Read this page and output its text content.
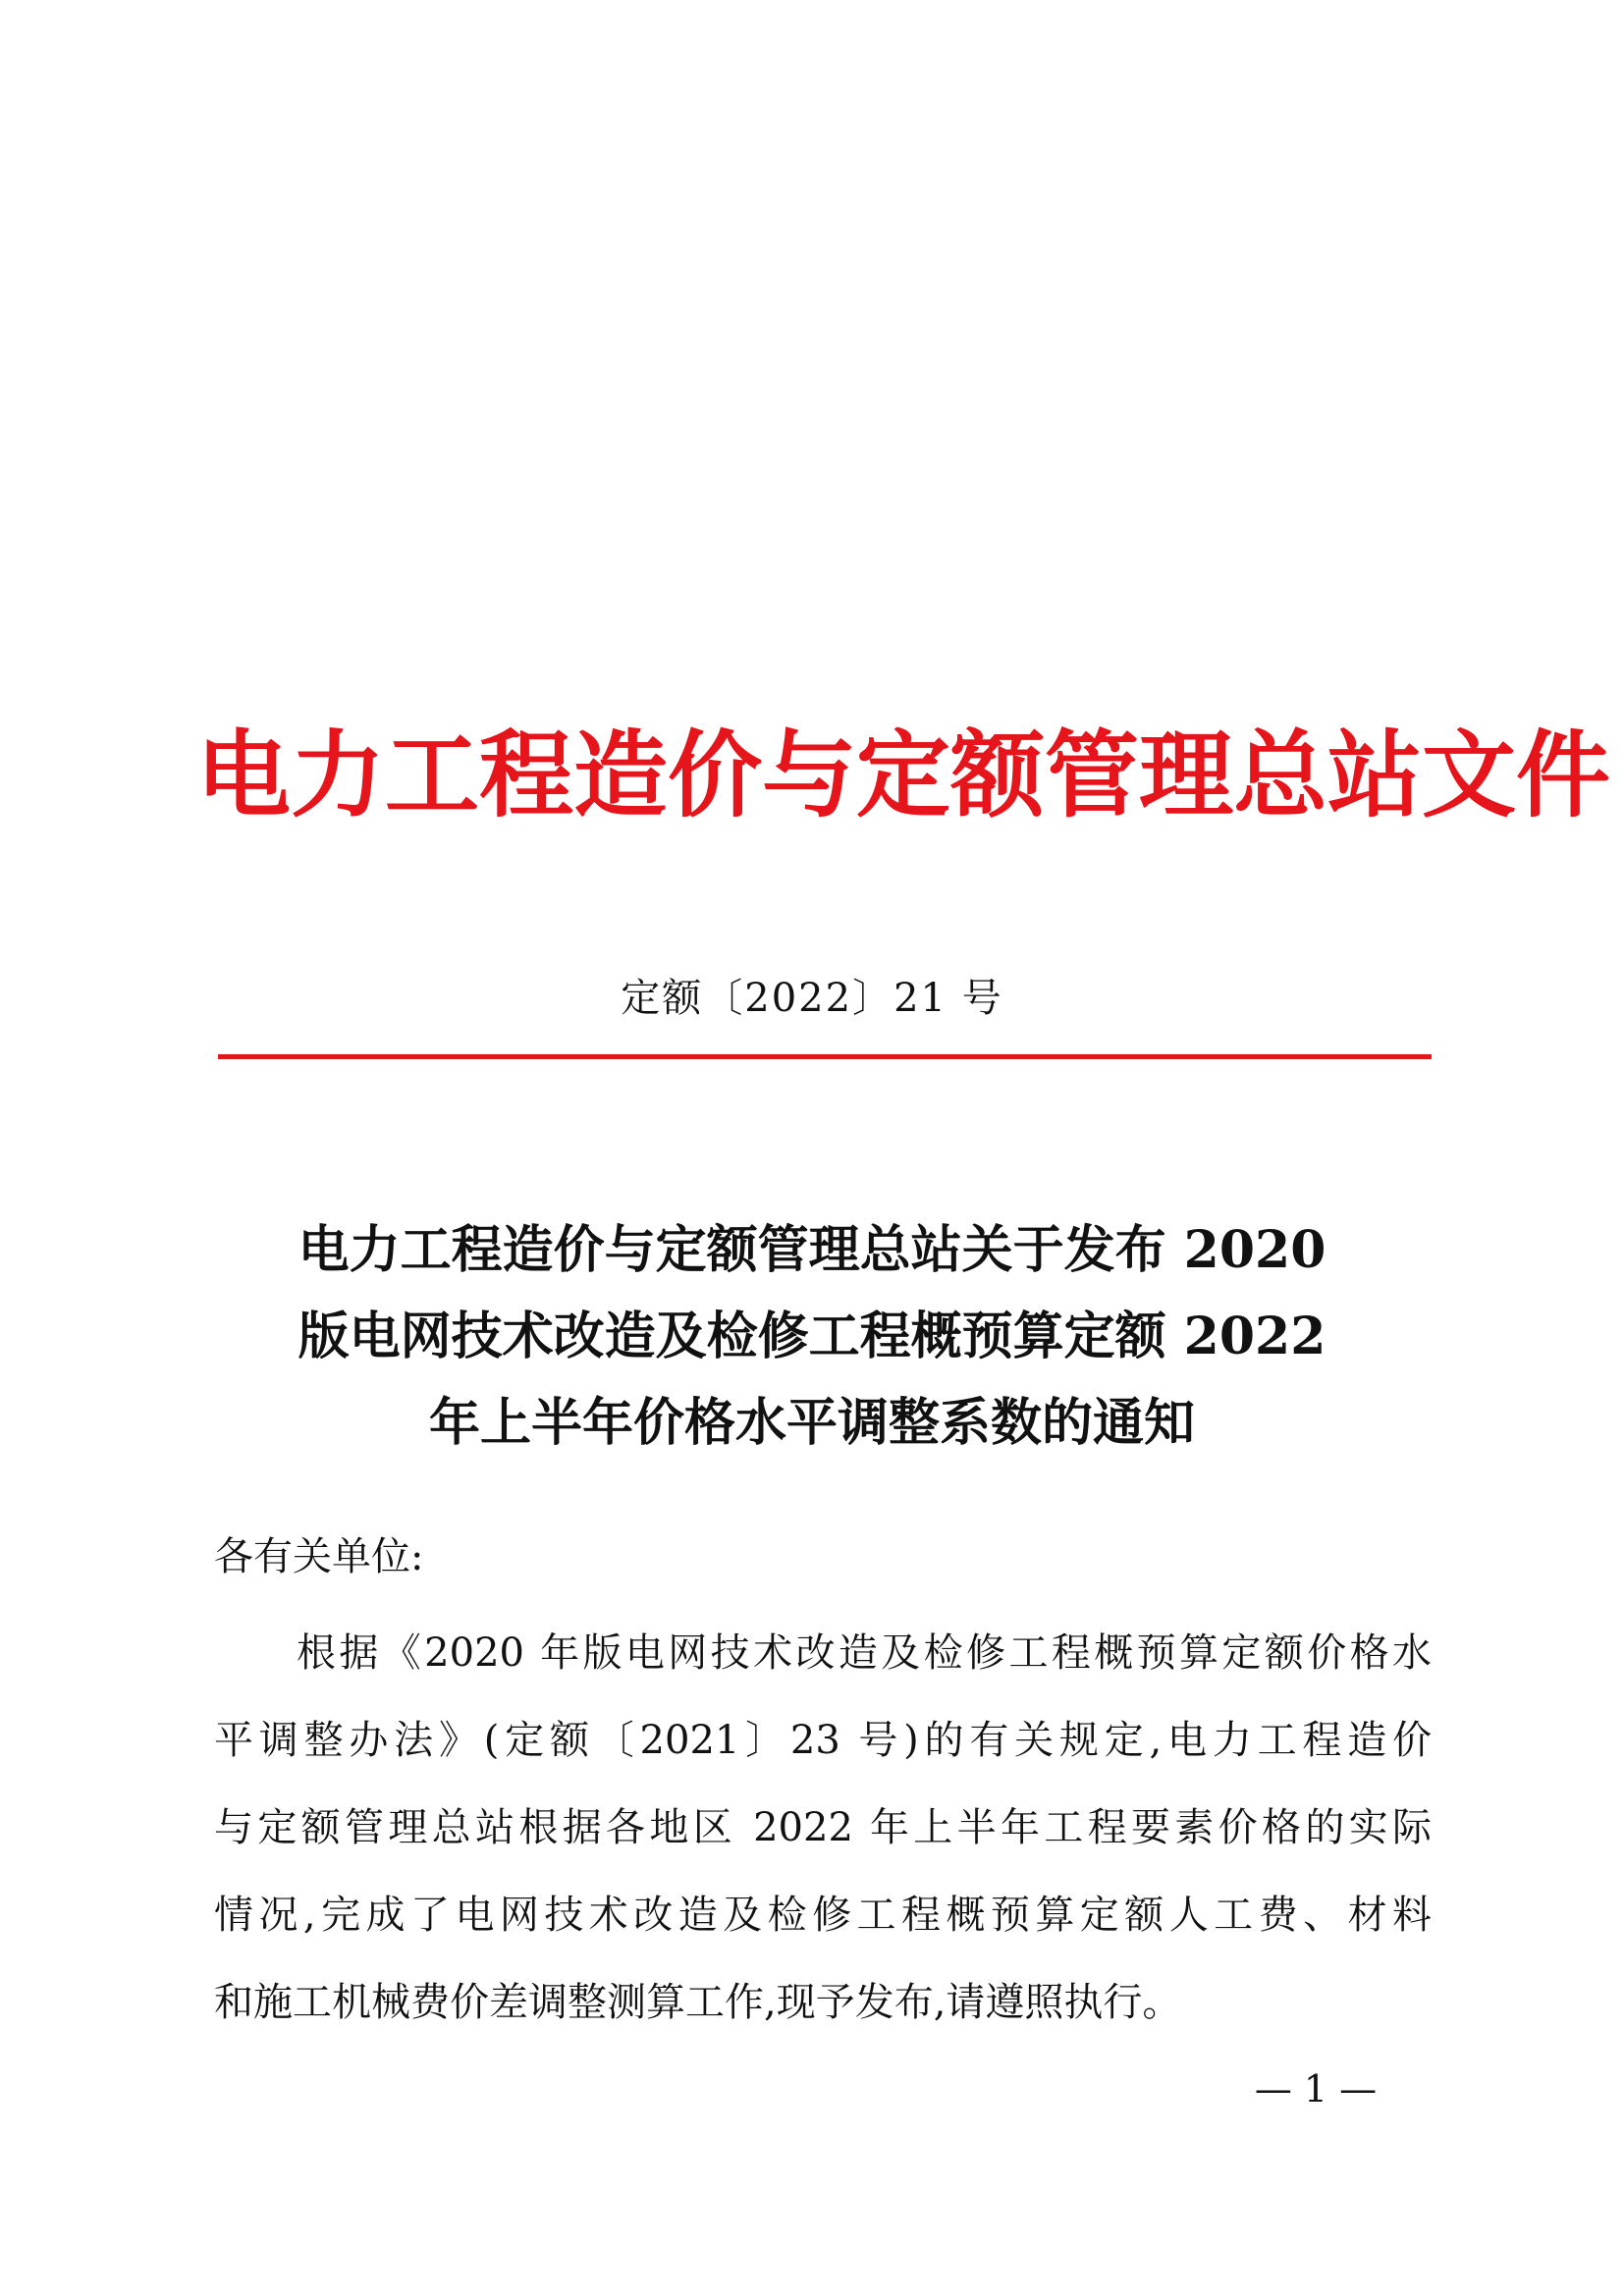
电力工程造价与定额管理总站文件
定额〔2022〕21 号
电力工程造价与定额管理总站关于发布 2020
版电网技术改造及检修工程概预算定额 2022
年上半年价格水平调整系数的通知
各有关单位:
根据《2020 年版电网技术改造及检修工程概预算定额价格水
平调整办法》(定额〔2021〕23 号)的有关规定,电力工程造价
与定额管理总站根据各地区 2022 年上半年工程要素价格的实际
情况,完成了电网技术改造及检修工程概预算定额人工费、材料
和施工机械费价差调整测算工作,现予发布,请遵照执行。
— 1 —
